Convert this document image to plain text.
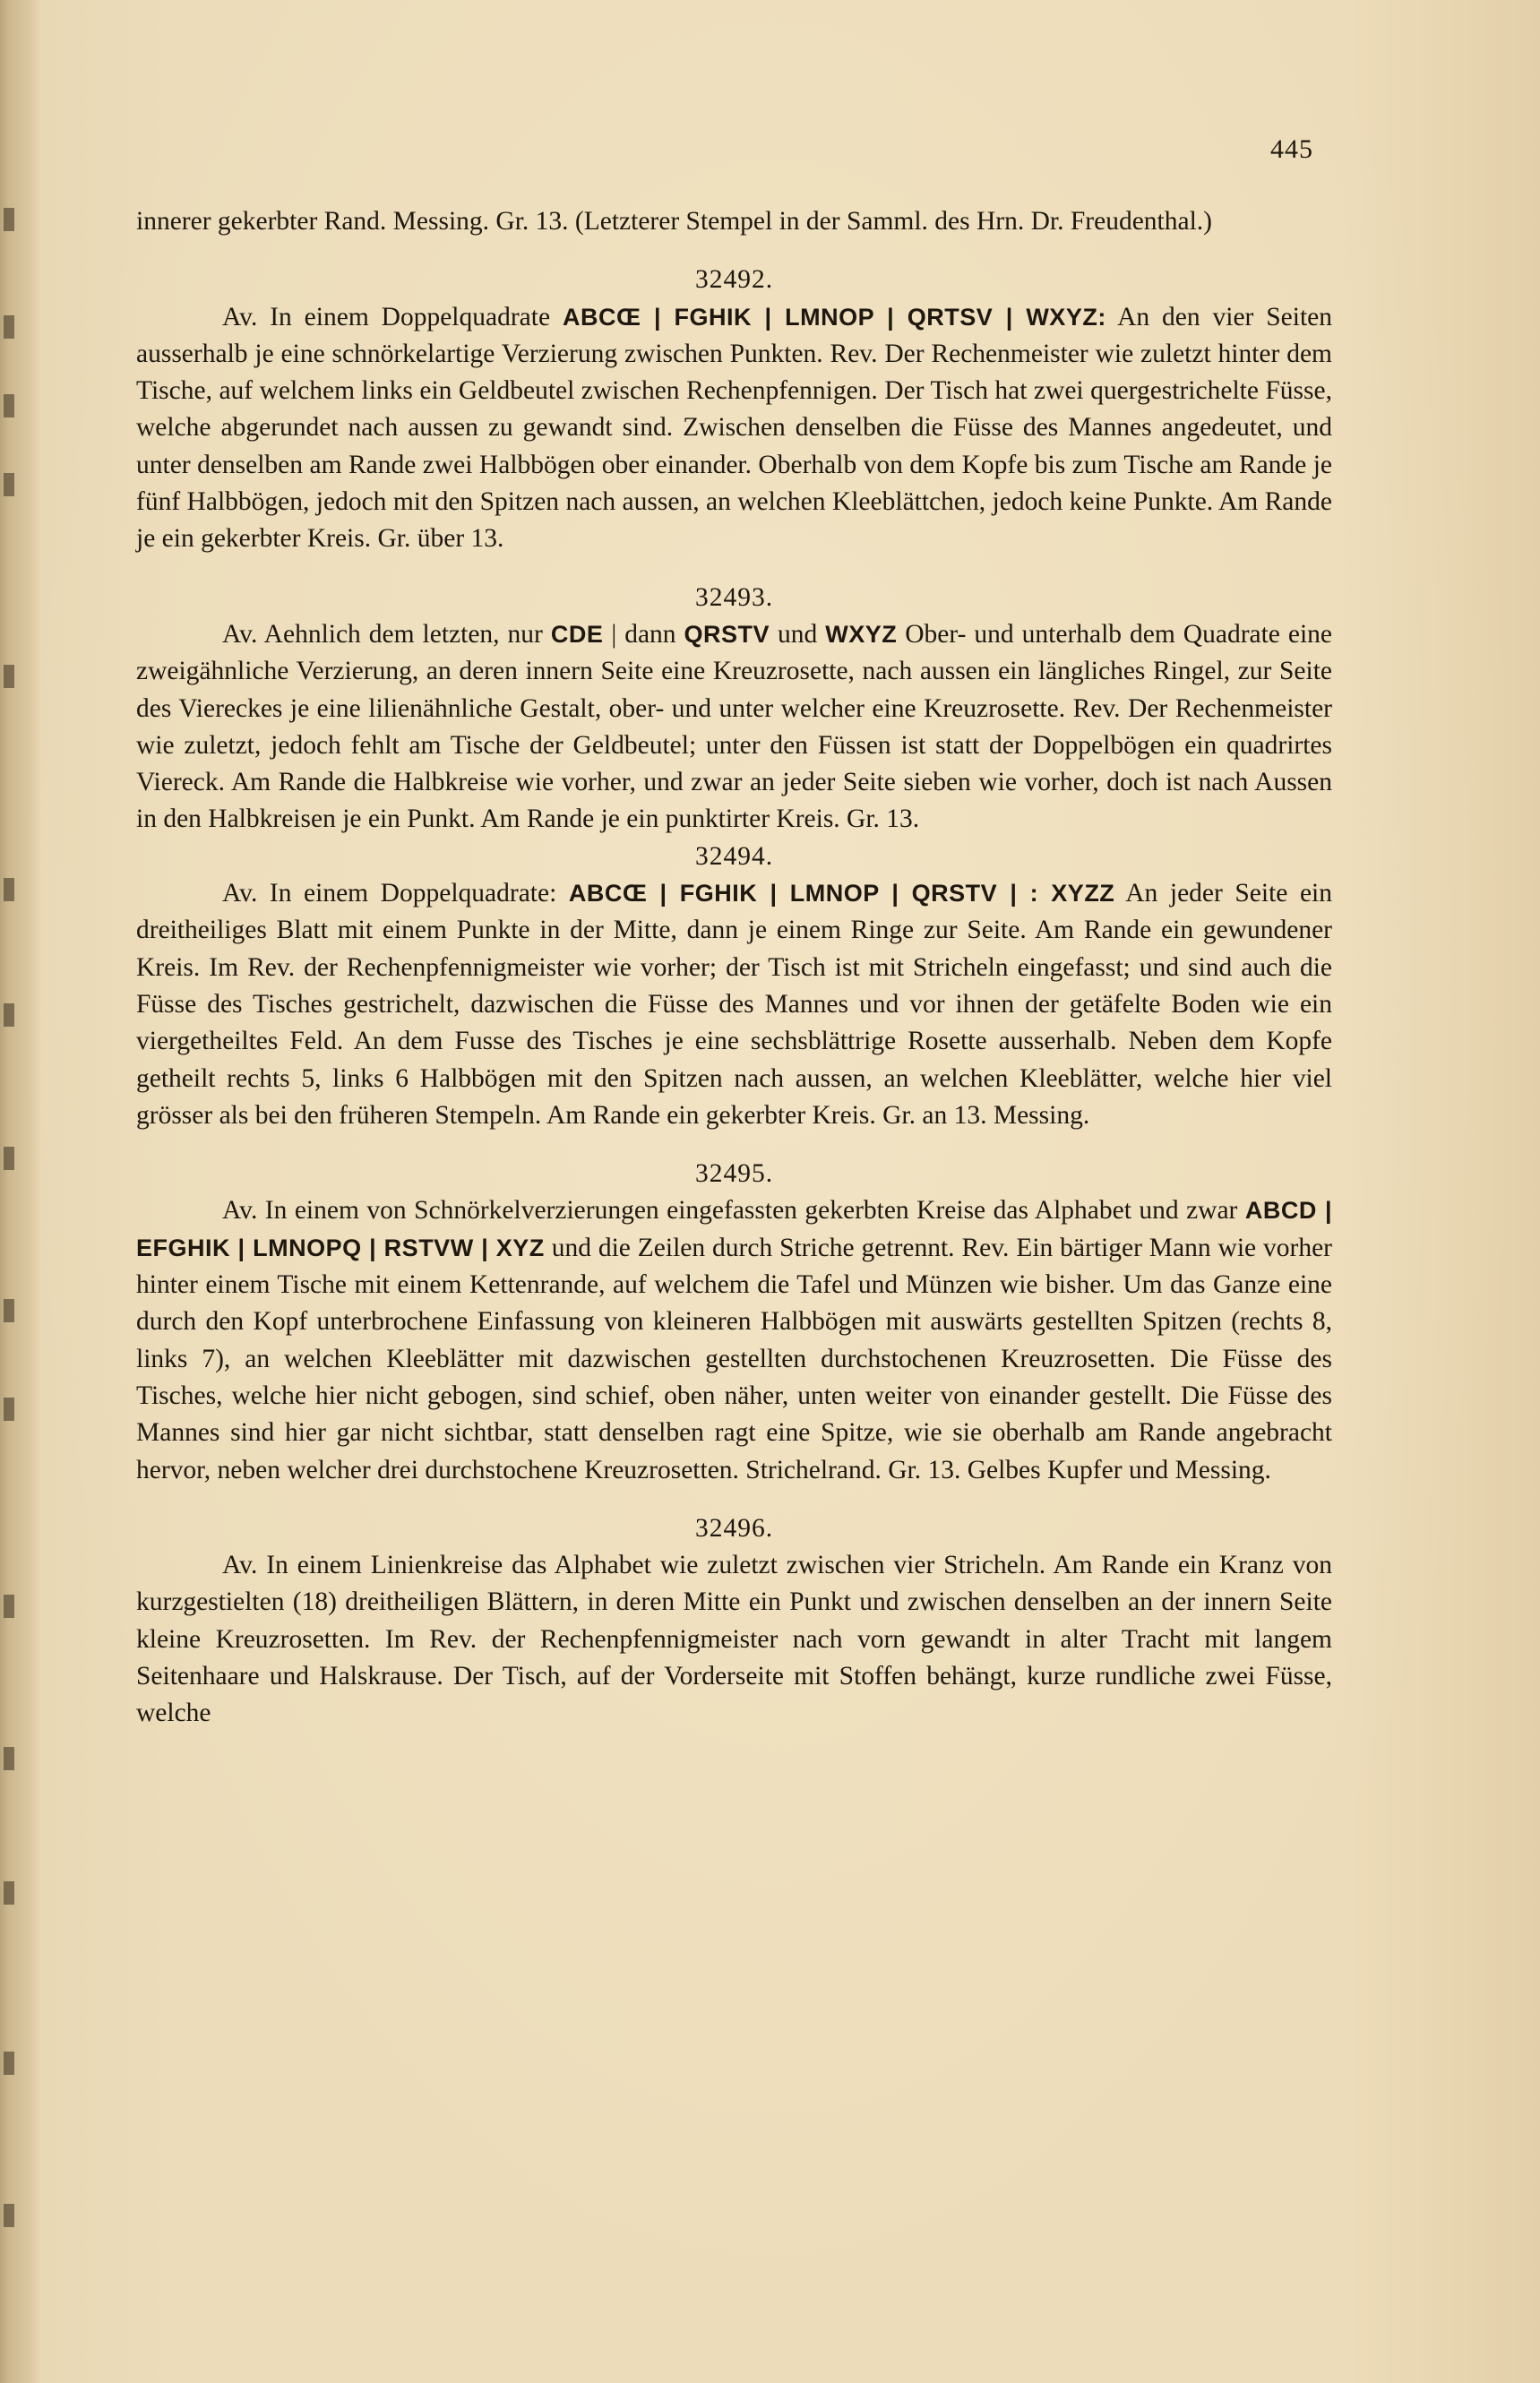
445

innerer gekerbter Rand. Messing. Gr. 13. (Letzterer Stempel in der Samml. des Hrn. Dr. Freudenthal.)

32492.

Av. In einem Doppelquadrate ABCŒ | FGHIK | LMNOP | QRTSV | WXYZ: An den vier Seiten ausserhalb je eine schnörkelartige Verzierung zwischen Punkten. Rev. Der Rechenmeister wie zuletzt hinter dem Tische, auf welchem links ein Geldbeutel zwischen Rechenpfennigen. Der Tisch hat zwei quergestrichelte Füsse, welche abgerundet nach aussen zu gewandt sind. Zwischen denselben die Füsse des Mannes angedeutet, und unter denselben am Rande zwei Halbbögen ober einander. Oberhalb von dem Kopfe bis zum Tische am Rande je fünf Halbbögen, jedoch mit den Spitzen nach aussen, an welchen Kleeblättchen, jedoch keine Punkte. Am Rande je ein gekerbter Kreis. Gr. über 13.

32493.

Av. Aehnlich dem letzten, nur CDE | dann QRSTV und WXYZ Ober- und unterhalb dem Quadrate eine zweigähnliche Verzierung, an deren innern Seite eine Kreuzrosette, nach aussen ein längliches Ringel, zur Seite des Viereckes je eine lilienähnliche Gestalt, ober- und unter welcher eine Kreuzrosette. Rev. Der Rechenmeister wie zuletzt, jedoch fehlt am Tische der Geldbeutel; unter den Füssen ist statt der Doppelbögen ein quadrirtes Viereck. Am Rande die Halbkreise wie vorher, und zwar an jeder Seite sieben wie vorher, doch ist nach Aussen in den Halbkreisen je ein Punkt. Am Rande je ein punktirter Kreis. Gr. 13.

32494.

Av. In einem Doppelquadrate: ABCŒ | FGHIK | LMNOP | QRSTV | : XYZZ An jeder Seite ein dreitheiliges Blatt mit einem Punkte in der Mitte, dann je einem Ringe zur Seite. Am Rande ein gewundener Kreis. Im Rev. der Rechenpfennigmeister wie vorher; der Tisch ist mit Stricheln eingefasst; und sind auch die Füsse des Tisches gestrichelt, dazwischen die Füsse des Mannes und vor ihnen der getäfelte Boden wie ein viergetheiltes Feld. An dem Fusse des Tisches je eine sechsblättrige Rosette ausserhalb. Neben dem Kopfe getheilt rechts 5, links 6 Halbbögen mit den Spitzen nach aussen, an welchen Kleeblätter, welche hier viel grösser als bei den früheren Stempeln. Am Rande ein gekerbter Kreis. Gr. an 13. Messing.

32495.

Av. In einem von Schnörkelverzierungen eingefassten gekerbten Kreise das Alphabet und zwar ABCD | EFGHIK | LMNOPQ | RSTVW | XYZ und die Zeilen durch Striche getrennt. Rev. Ein bärtiger Mann wie vorher hinter einem Tische mit einem Kettenrande, auf welchem die Tafel und Münzen wie bisher. Um das Ganze eine durch den Kopf unterbrochene Einfassung von kleineren Halbbögen mit auswärts gestellten Spitzen (rechts 8, links 7), an welchen Kleeblätter mit dazwischen gestellten durchstochenen Kreuzrosetten. Die Füsse des Tisches, welche hier nicht gebogen, sind schief, oben näher, unten weiter von einander gestellt. Die Füsse des Mannes sind hier gar nicht sichtbar, statt denselben ragt eine Spitze, wie sie oberhalb am Rande angebracht hervor, neben welcher drei durchstochene Kreuzrosetten. Strichelrand. Gr. 13. Gelbes Kupfer und Messing.

32496.

Av. In einem Linienkreise das Alphabet wie zuletzt zwischen vier Stricheln. Am Rande ein Kranz von kurzgestielten (18) dreitheiligen Blättern, in deren Mitte ein Punkt und zwischen denselben an der innern Seite kleine Kreuzrosetten. Im Rev. der Rechenpfennigmeister nach vorn gewandt in alter Tracht mit langem Seitenhaare und Halskrause. Der Tisch, auf der Vorderseite mit Stoffen behängt, kurze rundliche zwei Füsse, welche
